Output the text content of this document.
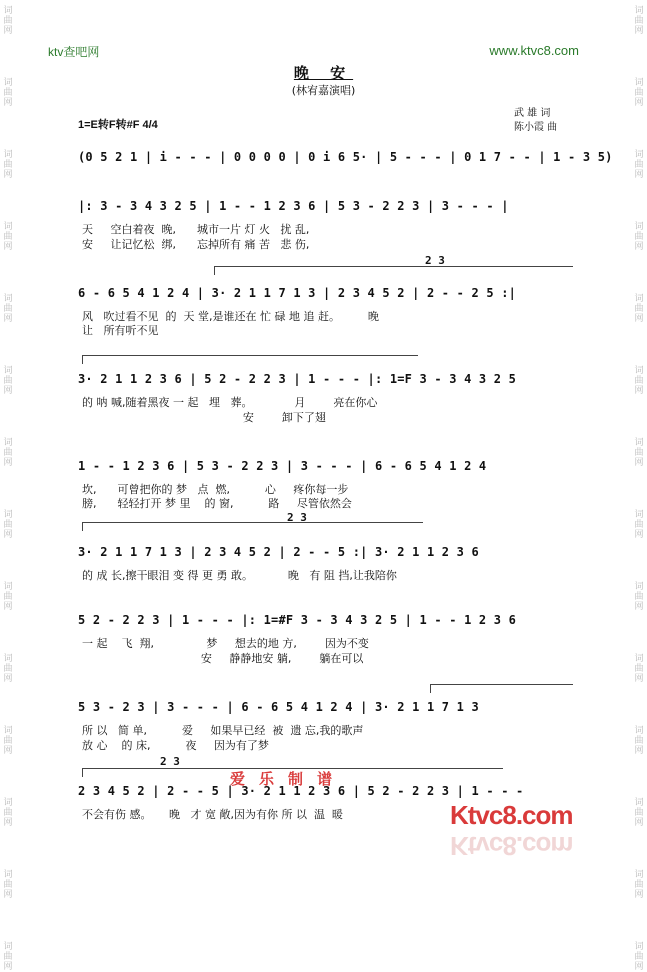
词
曲
网
词
曲
网
词
曲
网
词
曲
网
词
曲
网
词
曲
网
词
曲
网
词
曲
网
词
曲
网
词
曲
网
词
曲
网
词
曲
网
词
曲
网
词
曲
网
词
曲
网
词
曲
网
词
曲
网
词
曲
网
词
曲
网
词
曲
网
词
曲
网
词
曲
网
词
曲
网
词
曲
网
词
曲
网
词
曲
网
词
曲
网
词
曲
网
ktv查吧网	www.ktvc8.com
晚 安
(林宥嘉演唱)
1=E转F转#F 4/4
武 雄 词
陈小霞 曲
(0 5 2 1 | i - - - | 0 0 0 0 | 0 i 6 5· | 5 - - - | 0 1 7 - - | 1 - 3 5)
|: 3 - 3 4 3 2 5 | 1 - - 1 2 3 6 | 5 3 - 2 2 3 | 3 - - - |
天     空白着夜  晚,      城市一片 灯 火   扰 乱,
安     让记忆松  绑,      忘掉所有 痛 苦   悲 伤,
2 3
6 - 6 5 4 1 2 4 | 3· 2 1 1 7 1 3 | 2 3 4 5 2 | 2 - - 2 5 :|
风   吹过看不见  的  天 堂,是谁还在 忙 碌 地 追 赶。        晚
让   所有听不见
3· 2 1 1 2 3 6 | 5 2 - 2 2 3 | 1 - - - |: 1=F 3 - 3 4 3 2 5
的 呐 喊,随着黑夜 一 起   埋   葬。            月        亮在你心
安        卸下了翅
1 - - 1 2 3 6 | 5 3 - 2 2 3 | 3 - - - | 6 - 6 5 4 1 2 4
坎,      可曾把你的 梦   点  燃,          心     疼你每一步
膀,      轻轻打开 梦 里    的 窗,          路     尽管依然会
2 3
3· 2 1 1 7 1 3 | 2 3 4 5 2 | 2 - - 5 :| 3· 2 1 1 2 3 6
的 成 长,擦干眼泪 变 得 更 勇 敢。          晚   有 阻 挡,让我陪你
5 2 - 2 2 3 | 1 - - - |: 1=#F 3 - 3 4 3 2 5 | 1 - - 1 2 3 6
一 起    飞  翔,               梦     想去的地 方,        因为不变
安     静静地安 躺,        躺在可以
5 3 - 2 3 | 3 - - - | 6 - 6 5 4 1 2 4 | 3· 2 1 1 7 1 3
所 以   简 单,          爱     如果早已经  被  遗 忘,我的歌声
放 心    的 床,          夜     因为有了梦
2 3
2 3 4 5 2 | 2 - - 5 | 3· 2 1 1 2 3 6 | 5 2 - 2 2 3 | 1 - - -
不会有伤 感。     晚   才 宽 敞,因为有你 所 以  温  暖
爱乐制谱
Ktvc8.com
Ktvc8.com
